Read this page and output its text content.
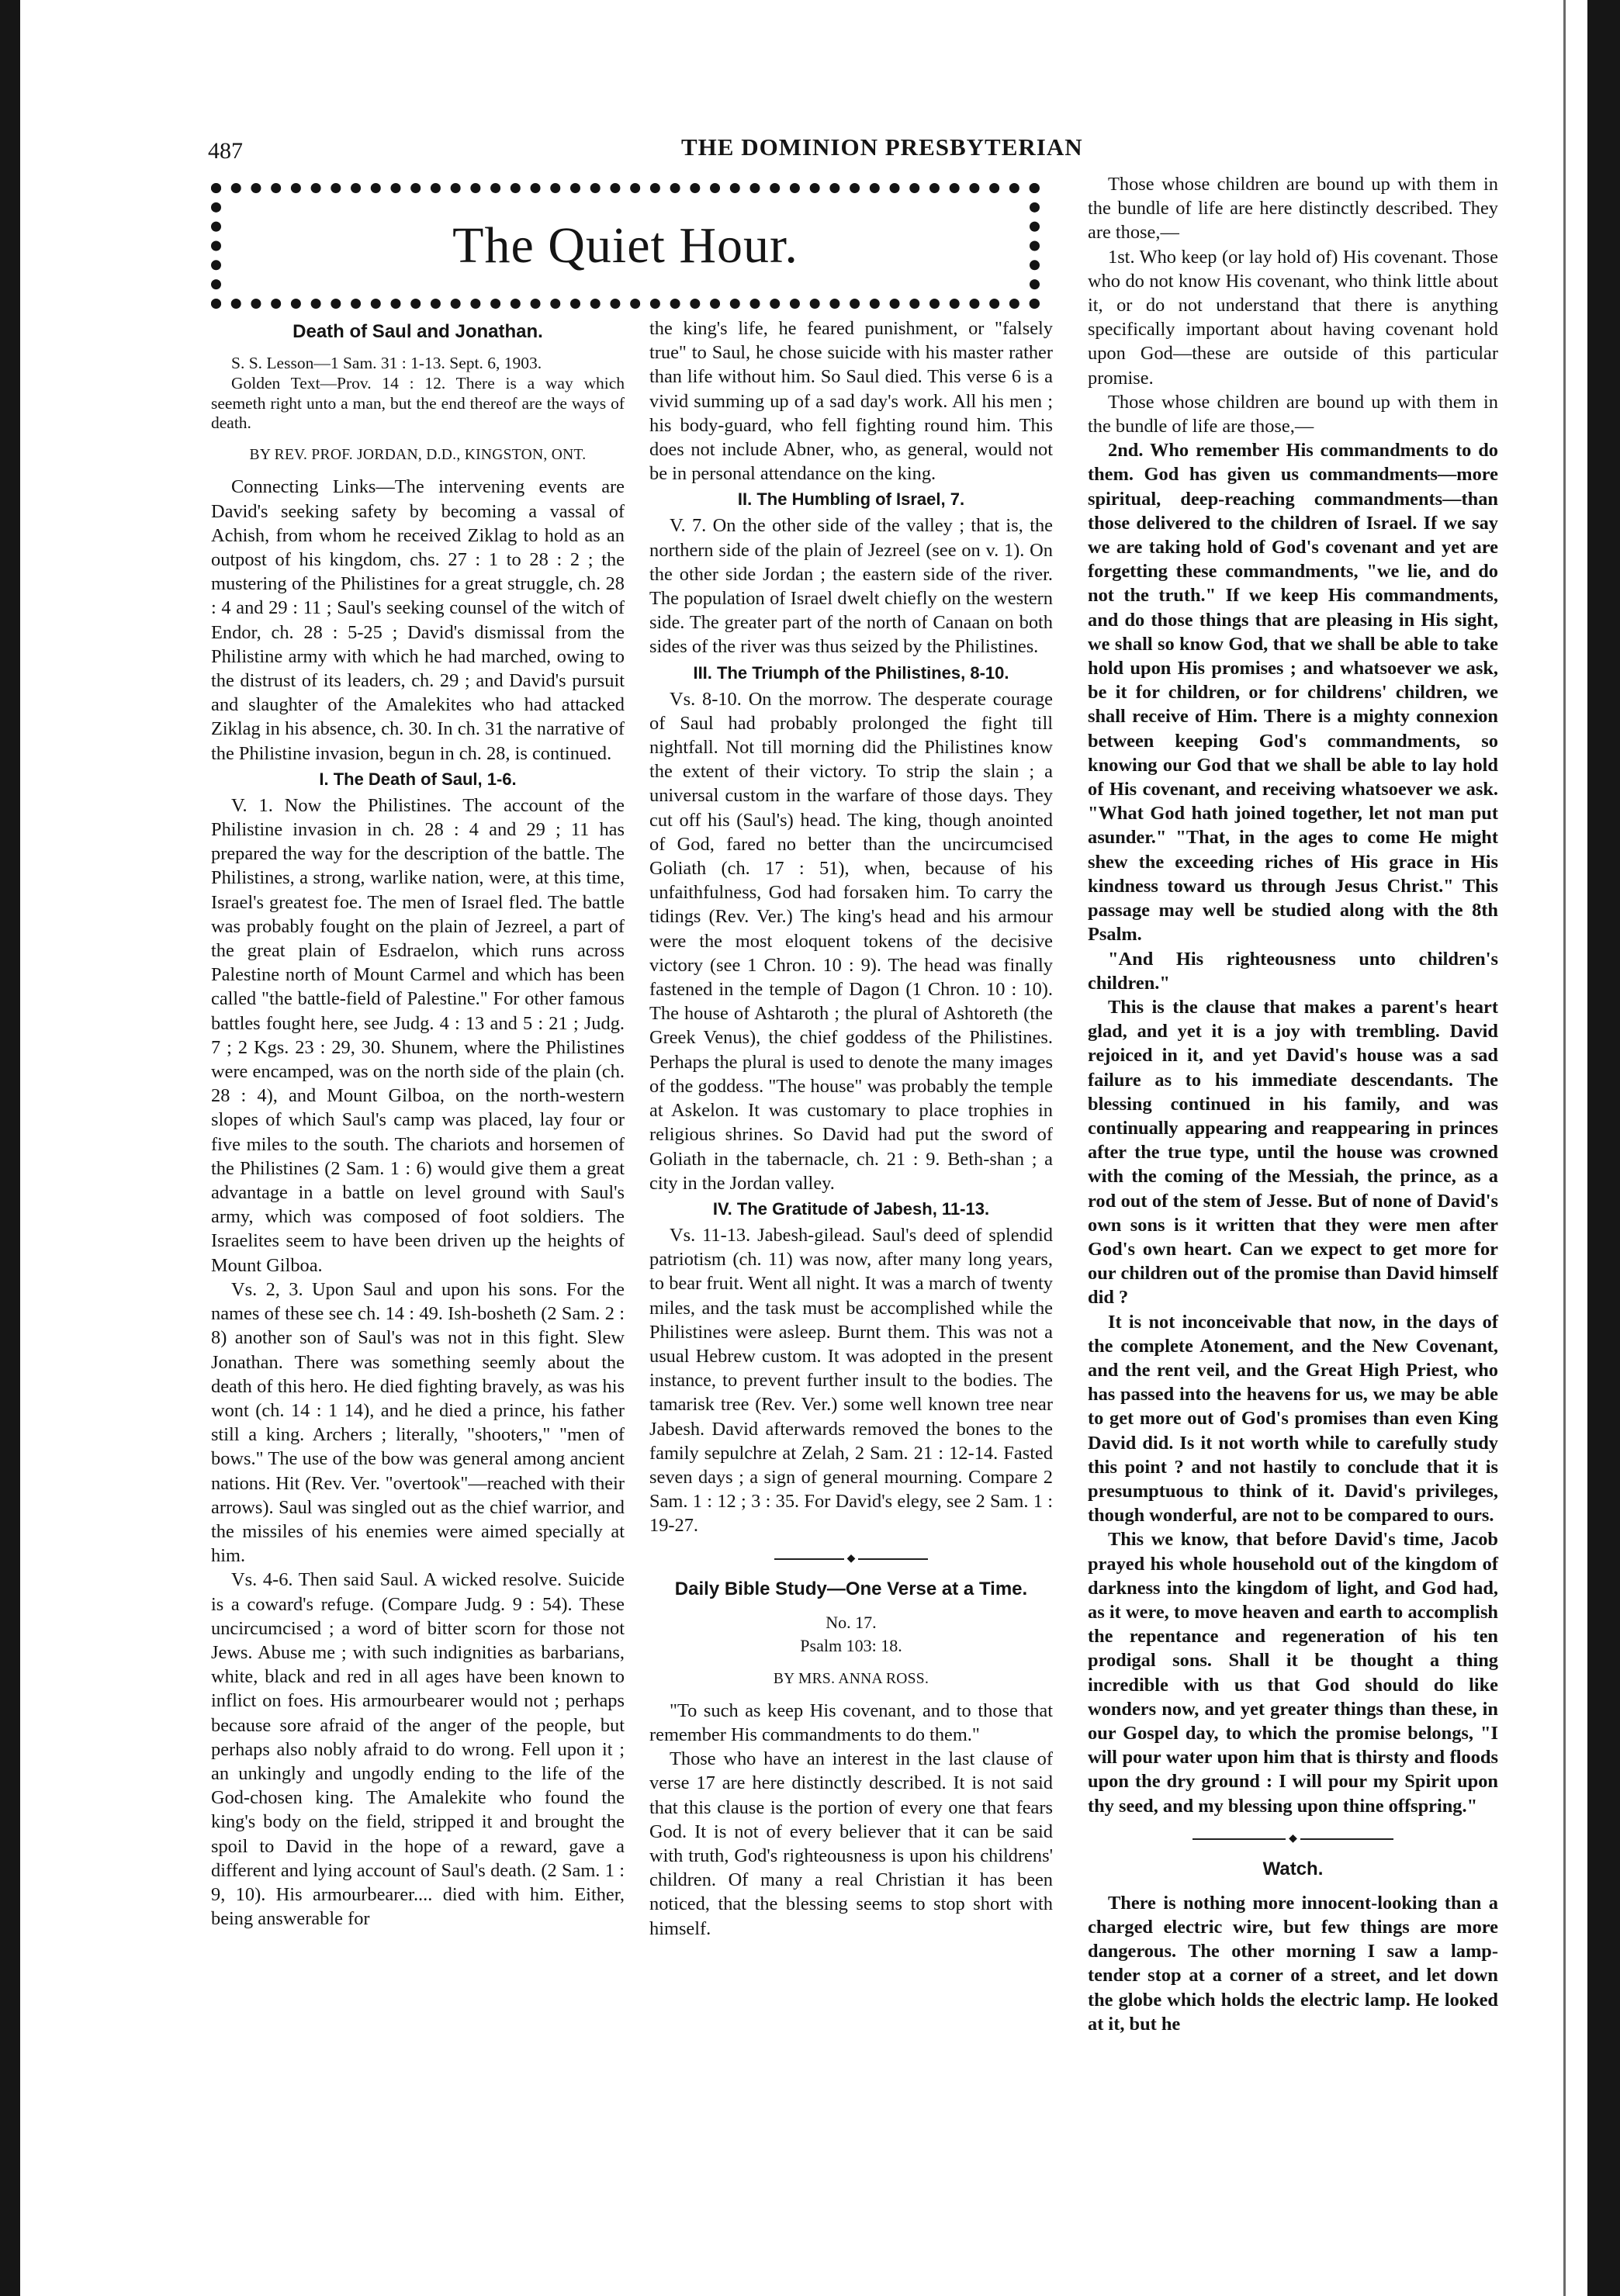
487	THE DOMINION PRESBYTERIAN
The Quiet Hour.
Death of Saul and Jonathan.

S. S. Lesson—1 Sam. 31 : 1-13. Sept. 6, 1903.

Golden Text—Prov. 14 : 12. There is a way which seemeth right unto a man, but the end thereof are the ways of death.

BY REV. PROF. JORDAN, D.D., KINGSTON, ONT.

Connecting Links—The intervening events are David's seeking safety by becoming a vassal of Achish, from whom he received Ziklag to hold as an outpost of his kingdom, chs. 27 : 1 to 28 : 2 ; the mustering of the Philistines for a great struggle, ch. 28 : 4 and 29 : 11 ; Saul's seeking counsel of the witch of Endor, ch. 28 : 5-25 ; David's dismissal from the Philistine army with which he had marched, owing to the distrust of its leaders, ch. 29 ; and David's pursuit and slaughter of the Amalekites who had attacked Ziklag in his absence, ch. 30. In ch. 31 the narrative of the Philistine invasion, begun in ch. 28, is continued.

I. The Death of Saul, 1-6.

V. 1. Now the Philistines. The account of the Philistine invasion in ch. 28 : 4 and 29 ; 11 has prepared the way for the description of the battle. The Philistines, a strong, warlike nation, were, at this time, Israel's greatest foe. The men of Israel fled. The battle was probably fought on the plain of Jezreel, a part of the great plain of Esdraelon, which runs across Palestine north of Mount Carmel and which has been called "the battle-field of Palestine." For other famous battles fought here, see Judg. 4 : 13 and 5 : 21 ; Judg. 7 ; 2 Kgs. 23 : 29, 30. Shunem, where the Philistines were encamped, was on the north side of the plain (ch. 28 : 4), and Mount Gilboa, on the north-western slopes of which Saul's camp was placed, lay four or five miles to the south. The chariots and horsemen of the Philistines (2 Sam. 1 : 6) would give them a great advantage in a battle on level ground with Saul's army, which was composed of foot soldiers. The Israelites seem to have been driven up the heights of Mount Gilboa.

Vs. 2, 3. Upon Saul and upon his sons. For the names of these see ch. 14 : 49. Ish-bosheth (2 Sam. 2 : 8) another son of Saul's was not in this fight. Slew Jonathan. There was something seemly about the death of this hero. He died fighting bravely, as was his wont (ch. 14 : 1 14), and he died a prince, his father still a king. Archers ; literally, "shooters," "men of bows." The use of the bow was general among ancient nations. Hit (Rev. Ver. "overtook"—reached with their arrows). Saul was singled out as the chief warrior, and the missiles of his enemies were aimed specially at him.

Vs. 4-6. Then said Saul. A wicked resolve. Suicide is a coward's refuge. (Compare Judg. 9 : 54). These uncircumcised ; a word of bitter scorn for those not Jews. Abuse me ; with such indignities as barbarians, white, black and red in all ages have been known to inflict on foes. His armourbearer would not ; perhaps because sore afraid of the anger of the people, but perhaps also nobly afraid to do wrong. Fell upon it ; an unkingly and ungodly ending to the life of the God-chosen king. The Amalekite who found the king's body on the field, stripped it and brought the spoil to David in the hope of a reward, gave a different and lying account of Saul's death. (2 Sam. 1 : 9, 10). His armourbearer.... died with him. Either, being answerable for

the king's life, he feared punishment, or "falsely true" to Saul, he chose suicide with his master rather than life without him. So Saul died. This verse 6 is a vivid summing up of a sad day's work. All his men ; his body-guard, who fell fighting round him. This does not include Abner, who, as general, would not be in personal attendance on the king.

II. The Humbling of Israel, 7.

V. 7. On the other side of the valley ; that is, the northern side of the plain of Jezreel (see on v. 1). On the other side Jordan ; the eastern side of the river. The population of Israel dwelt chiefly on the western side. The greater part of the north of Canaan on both sides of the river was thus seized by the Philistines.

III. The Triumph of the Philistines, 8-10.

Vs. 8-10. On the morrow. The desperate courage of Saul had probably prolonged the fight till nightfall. Not till morning did the Philistines know the extent of their victory. To strip the slain ; a universal custom in the warfare of those days. They cut off his (Saul's) head. The king, though anointed of God, fared no better than the uncircumcised Goliath (ch. 17 : 51), when, because of his unfaithfulness, God had forsaken him. To carry the tidings (Rev. Ver.) The king's head and his armour were the most eloquent tokens of the decisive victory (see 1 Chron. 10 : 9). The head was finally fastened in the temple of Dagon (1 Chron. 10 : 10). The house of Ashtaroth ; the plural of Ashtoreth (the Greek Venus), the chief goddess of the Philistines. Perhaps the plural is used to denote the many images of the goddess. "The house" was probably the temple at Askelon. It was customary to place trophies in religious shrines. So David had put the sword of Goliath in the tabernacle, ch. 21 : 9. Beth-shan ; a city in the Jordan valley.

IV. The Gratitude of Jabesh, 11-13.

Vs. 11-13. Jabesh-gilead. Saul's deed of splendid patriotism (ch. 11) was now, after many long years, to bear fruit. Went all night. It was a march of twenty miles, and the task must be accomplished while the Philistines were asleep. Burnt them. This was not a usual Hebrew custom. It was adopted in the present instance, to prevent further insult to the bodies. The tamarisk tree (Rev. Ver.) some well known tree near Jabesh. David afterwards removed the bones to the family sepulchre at Zelah, 2 Sam. 21 : 12-14. Fasted seven days ; a sign of general mourning. Compare 2 Sam. 1 : 12 ; 3 : 35. For David's elegy, see 2 Sam. 1 : 19-27.

◆
Daily Bible Study—One Verse at a Time.
No. 17.
Psalm 103: 18.
BY MRS. ANNA ROSS.

"To such as keep His covenant, and to those that remember His commandments to do them."

Those who have an interest in the last clause of verse 17 are here distinctly described. It is not said that this clause is the portion of every one that fears God. It is not of every believer that it can be said with truth, God's righteousness is upon his childrens' children. Of many a real Christian it has been noticed, that the blessing seems to stop short with himself.

Those whose children are bound up with them in the bundle of life are here distinctly described. They are those,—

1st. Who keep (or lay hold of) His covenant. Those who do not know His covenant, who think little about it, or do not understand that there is anything specifically important about having covenant hold upon God—these are outside of this particular promise.

Those whose children are bound up with them in the bundle of life are those,—

2nd. Who remember His commandments to do them. God has given us commandments—more spiritual, deep-reaching commandments—than those delivered to the children of Israel. If we say we are taking hold of God's covenant and yet are forgetting these commandments, "we lie, and do not the truth." If we keep His commandments, and do those things that are pleasing in His sight, we shall so know God, that we shall be able to take hold upon His promises ; and whatsoever we ask, be it for children, or for childrens' children, we shall receive of Him. There is a mighty connexion between keeping God's commandments, so knowing our God that we shall be able to lay hold of His covenant, and receiving whatsoever we ask. "What God hath joined together, let not man put asunder." "That, in the ages to come He might shew the exceeding riches of His grace in His kindness toward us through Jesus Christ." This passage may well be studied along with the 8th Psalm.

"And His righteousness unto children's children."

This is the clause that makes a parent's heart glad, and yet it is a joy with trembling. David rejoiced in it, and yet David's house was a sad failure as to his immediate descendants. The blessing continued in his family, and was continually appearing and reappearing in princes after the true type, until the house was crowned with the coming of the Messiah, the prince, as a rod out of the stem of Jesse. But of none of David's own sons is it written that they were men after God's own heart. Can we expect to get more for our children out of the promise than David himself did ?

It is not inconceivable that now, in the days of the complete Atonement, and the New Covenant, and the rent veil, and the Great High Priest, who has passed into the heavens for us, we may be able to get more out of God's promises than even King David did. Is it not worth while to carefully study this point ? and not hastily to conclude that it is presumptuous to think of it. David's privileges, though wonderful, are not to be compared to ours.

This we know, that before David's time, Jacob prayed his whole household out of the kingdom of darkness into the kingdom of light, and God had, as it were, to move heaven and earth to accomplish the repentance and regeneration of his ten prodigal sons. Shall it be thought a thing incredible with us that God should do like wonders now, and yet greater things than these, in our Gospel day, to which the promise belongs, "I will pour water upon him that is thirsty and floods upon the dry ground : I will pour my Spirit upon thy seed, and my blessing upon thine offspring."

◆
Watch.

There is nothing more innocent-looking than a charged electric wire, but few things are more dangerous. The other morning I saw a lamp-tender stop at a corner of a street, and let down the globe which holds the electric lamp. He looked at it, but he
